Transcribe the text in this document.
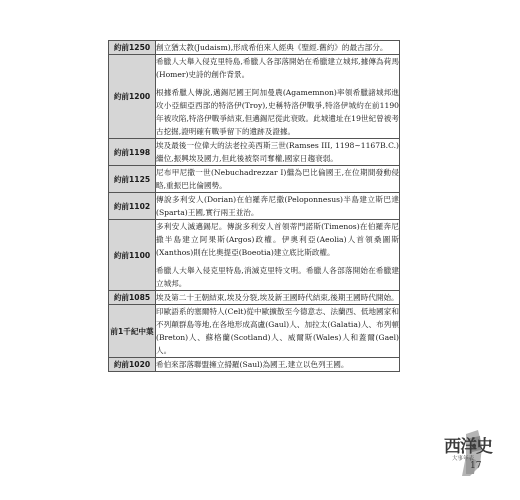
約前1250	創立猶太教(Judaism),形成希伯來人經典《聖經.舊約》的最古部分。

約前1200	希臘人大舉入侵克里特島,希臘人各部落開始在希臘建立城邦,據傳為荷馬(Homer)史詩的創作背景。

根據希臘人傳說,邁錫尼國王阿加曼農(Agamemnon)率領希臘諸城邦進攻小亞細亞西部的特洛伊(Troy),史稱特洛伊戰爭,特洛伊城約在前1190年被攻陷,特洛伊戰爭結束,但邁錫尼從此衰敗。此城遺址在19世紀曾被考古挖掘,證明確有戰爭留下的遺跡及證據。

約前1198	埃及最後一位偉大的法老拉美西斯三世(Ramses III, 1198~1167B.C.)繼位,振興埃及國力,但此後被祭司奪權,國家日趨衰弱。

約前1125	尼布甲尼撒一世(Nebuchadrezzar I)繼為巴比倫國王,在位期間發動侵略,重振巴比倫國勢。

約前1102	傳說多利安人(Dorian)在伯羅奔尼撒(Peloponnesus)半島建立斯巴達(Sparta)王國,實行兩王並治。

約前1100	多利安人滅邁錫尼。傳說多利安人首領蒂門諾斯(Timenos)在伯羅奔尼撒半島建立阿果斯(Argos)政權。伊奧利亞(Aeolia)人首領桑圖斯(Xanthos)則在比奧提亞(Boeotia)建立底比斯政權。

希臘人大舉入侵克里特島,消滅克里特文明。希臘人各部落開始在希臘建立城邦。

約前1085	埃及第二十王朝結束,埃及分裂,埃及新王國時代結束,後期王國時代開始。

前1千紀中葉	印歐語系的塞爾特人(Celt)從中歐擴散至今德意志、法蘭西、低地國家和不列顛群島等地,在各地形成高盧(Gaul)人、加拉太(Galatia)人、布列頓(Breton)人、蘇格蘭(Scotland)人、威爾斯(Wales)人和蓋爾(Gael)人。

約前1020	希伯來部落聯盟擁立掃羅(Saul)為國王,建立以色列王國。

西洋史
大事年表
17
